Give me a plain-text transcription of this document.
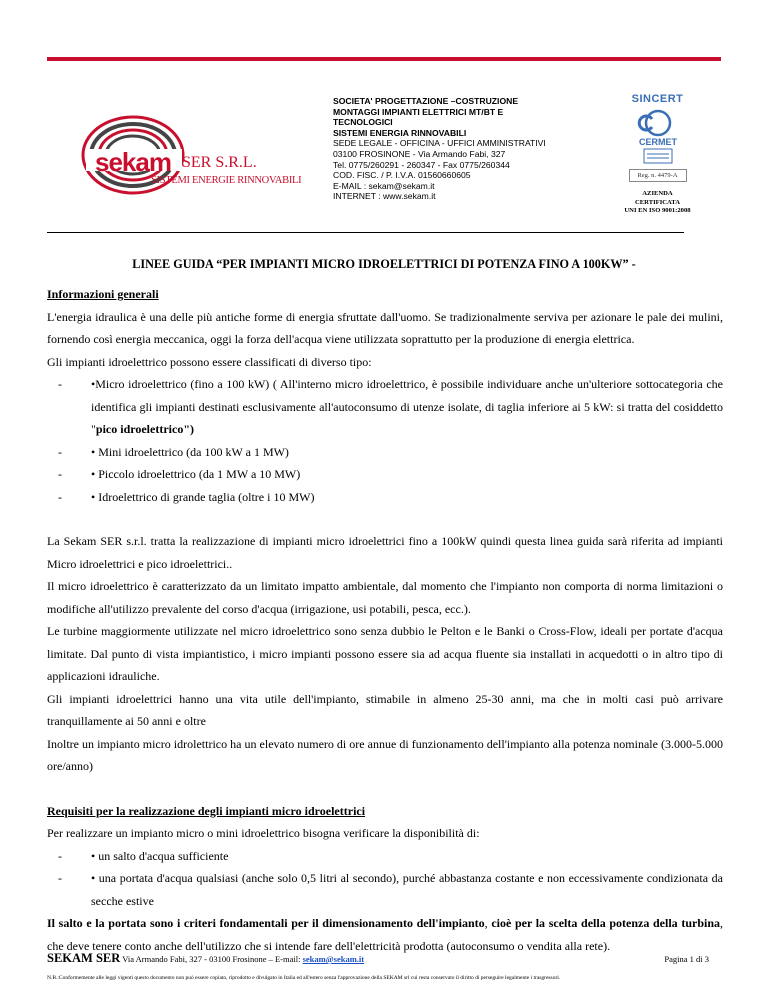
sekam SER S.R.L.
SISTEMI ENERGIE RINNOVABILI
SOCIETA' PROGETTAZIONE –COSTRUZIONE
MONTAGGI IMPIANTI ELETTRICI MT/BT E
TECNOLOGICI
SISTEMI ENERGIA RINNOVABILI
SEDE LEGALE - OFFICINA - UFFICI AMMINISTRATIVI
03100 FROSINONE - Via Armando Fabi, 327
Tel. 0775/260291 - 260347 - Fax 0775/260344
COD. FISC. / P. I.V.A. 01560660605
E-MAIL : sekam@sekam.it
INTERNET : www.sekam.it
SINCERT
CERMET
Reg. n. 4479-A
AZIENDA
CERTIFICATA
UNI EN ISO 9001:2008
LINEE GUIDA “PER IMPIANTI MICRO IDROELETTRICI DI POTENZA FINO A 100KW” -
Informazioni generali

L'energia idraulica è una delle più antiche forme di energia sfruttate dall'uomo. Se tradizionalmente serviva per azionare le pale dei mulini, fornendo così energia meccanica, oggi la forza dell'acqua viene utilizzata soprattutto per la produzione di energia elettrica.

Gli impianti idroelettrico possono essere classificati di diverso tipo:

-	•Micro idroelettrico (fino a 100 kW) ( All'interno micro idroelettrico, è possibile individuare anche un'ulteriore sottocategoria che identifica gli impianti destinati esclusivamente all'autoconsumo di utenze isolate, di taglia inferiore ai 5 kW: si tratta del cosiddetto "pico idroelettrico")
-	• Mini idroelettrico (da 100 kW a 1 MW)
-	• Piccolo idroelettrico (da 1 MW a 10 MW)
-	• Idroelettrico di grande taglia (oltre i 10 MW)

La Sekam SER s.r.l. tratta la realizzazione di impianti micro idroelettrici fino a 100kW quindi questa linea guida sarà riferita ad impianti Micro idroelettrici e pico idroelettrici..

Il micro idroelettrico è caratterizzato da un limitato impatto ambientale, dal momento che l'impianto non comporta di norma limitazioni o modifiche all'utilizzo prevalente del corso d'acqua (irrigazione, usi potabili, pesca, ecc.).

Le turbine maggiormente utilizzate nel micro idroelettrico sono senza dubbio le Pelton e le Banki o Cross-Flow, ideali per portate d'acqua limitate. Dal punto di vista impiantistico, i micro impianti possono essere sia ad acqua fluente sia installati in acquedotti o in altro tipo di applicazioni idrauliche.

Gli impianti idroelettrici hanno una vita utile dell'impianto, stimabile in almeno 25-30 anni, ma che in molti casi può arrivare tranquillamente ai 50 anni e oltre

Inoltre un impianto micro idrolettrico ha un elevato numero di ore annue di funzionamento dell'impianto alla potenza nominale (3.000-5.000 ore/anno)

Requisiti per la realizzazione degli impianti micro idroelettrici

Per realizzare un impianto micro o mini idroelettrico bisogna verificare la disponibilità di:

-	• un salto d'acqua sufficiente
-	• una portata d'acqua qualsiasi (anche solo 0,5 litri al secondo), purché abbastanza costante e non eccessivamente condizionata da secche estive

Il salto e la portata sono i criteri fondamentali per il dimensionamento dell'impianto, cioè per la scelta della potenza della turbina, che deve tenere conto anche dell'utilizzo che si intende fare dell'elettricità prodotta (autoconsumo o vendita alla rete).

SEKAM SER Via Armando Fabi, 327 - 03100 Frosinone – E-mail: sekam@sekam.it	Pagina 1 di 3
N.B.:Conformemente alle leggi vigenti questo documento non può essere copiato, riprodotto e divulgato in Italia ed all'estero senza l'approvazione della SEKAM srl cui resta conservato il diritto di perseguire legalmente i trasgressori.
